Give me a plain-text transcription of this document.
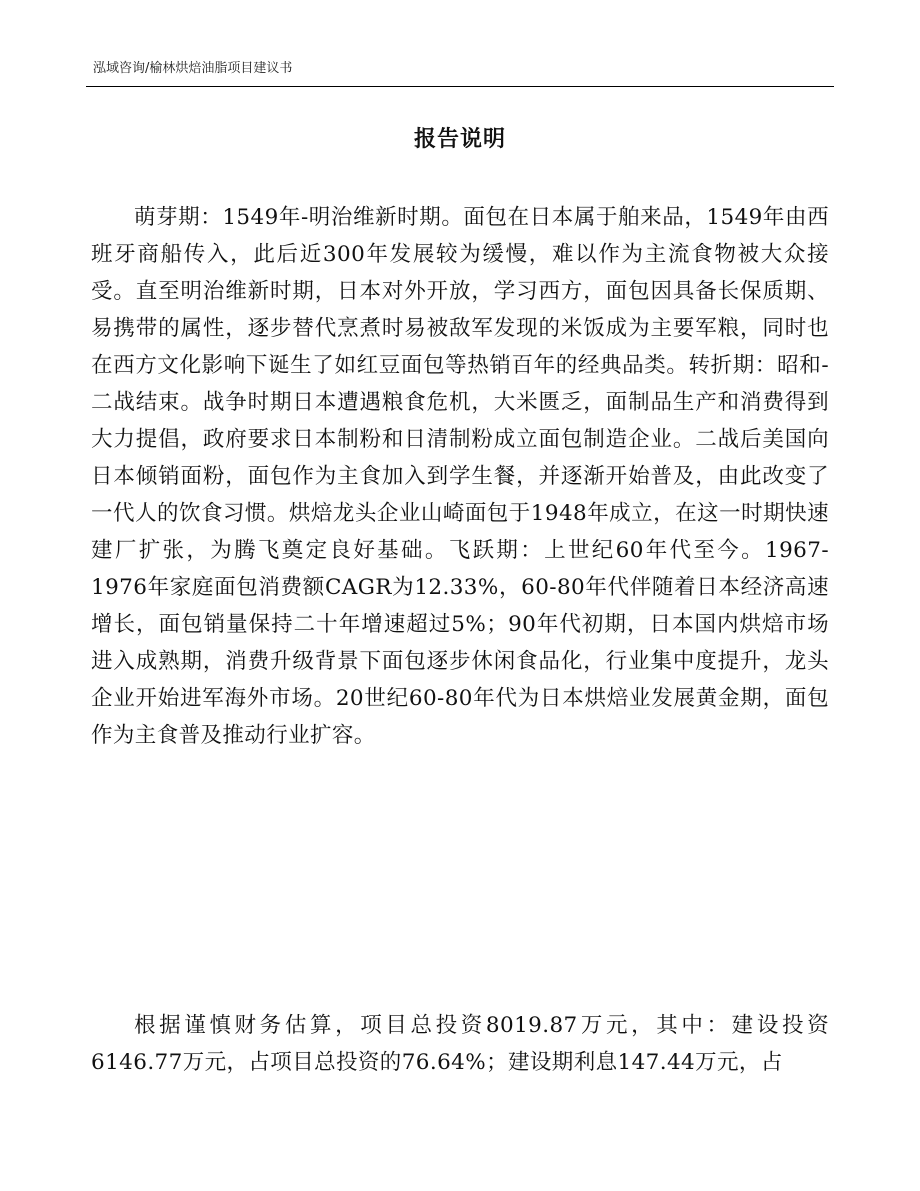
泓域咨询/榆林烘焙油脂项目建议书
报告说明

萌芽期：1549年-明治维新时期。面包在日本属于舶来品，1549年由西班牙商船传入，此后近300年发展较为缓慢，难以作为主流食物被大众接受。直至明治维新时期，日本对外开放，学习西方，面包因具备长保质期、易携带的属性，逐步替代烹煮时易被敌军发现的米饭成为主要军粮，同时也在西方文化影响下诞生了如红豆面包等热销百年的经典品类。转折期：昭和-二战结束。战争时期日本遭遇粮食危机，大米匮乏，面制品生产和消费得到大力提倡，政府要求日本制粉和日清制粉成立面包制造企业。二战后美国向日本倾销面粉，面包作为主食加入到学生餐，并逐渐开始普及，由此改变了一代人的饮食习惯。烘焙龙头企业山崎面包于1948年成立，在这一时期快速建厂扩张，为腾飞奠定良好基础。飞跃期：上世纪60年代至今。1967-1976年家庭面包消费额CAGR为12.33%，60-80年代伴随着日本经济高速增长，面包销量保持二十年增速超过5%；90年代初期，日本国内烘焙市场进入成熟期，消费升级背景下面包逐步休闲食品化，行业集中度提升，龙头企业开始进军海外市场。20世纪60-80年代为日本烘焙业发展黄金期，面包作为主食普及推动行业扩容。

根据谨慎财务估算，项目总投资8019.87万元，其中：建设投资6146.77万元，占项目总投资的76.64%；建设期利息147.44万元，占
